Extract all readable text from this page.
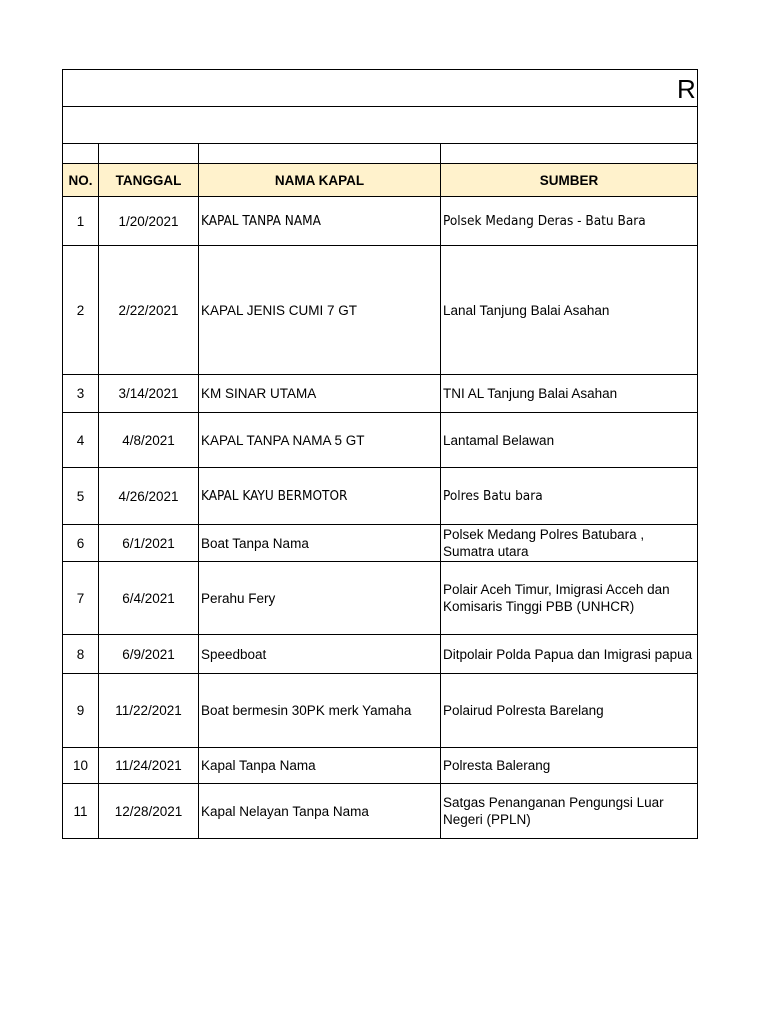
R

NO.	TANGGAL	NAMA KAPAL	SUMBER
1	1/20/2021	KAPAL TANPA NAMA	Polsek Medang Deras - Batu Bara
2	2/22/2021	KAPAL JENIS CUMI 7 GT	Lanal Tanjung Balai Asahan
3	3/14/2021	KM SINAR UTAMA	TNI AL Tanjung Balai Asahan
4	4/8/2021	KAPAL TANPA NAMA 5 GT	Lantamal Belawan
5	4/26/2021	KAPAL KAYU BERMOTOR	Polres Batu bara
6	6/1/2021	Boat Tanpa Nama	Polsek Medang Polres Batubara , Sumatra utara
7	6/4/2021	Perahu Fery	Polair Aceh Timur, Imigrasi Acceh dan Komisaris Tinggi PBB (UNHCR)
8	6/9/2021	Speedboat	Ditpolair Polda Papua dan Imigrasi papua
9	11/22/2021	Boat bermesin 30PK merk Yamaha	Polairud Polresta Barelang
10	11/24/2021	Kapal Tanpa Nama	Polresta Balerang
11	12/28/2021	Kapal Nelayan Tanpa Nama	Satgas Penanganan Pengungsi Luar Negeri (PPLN)
